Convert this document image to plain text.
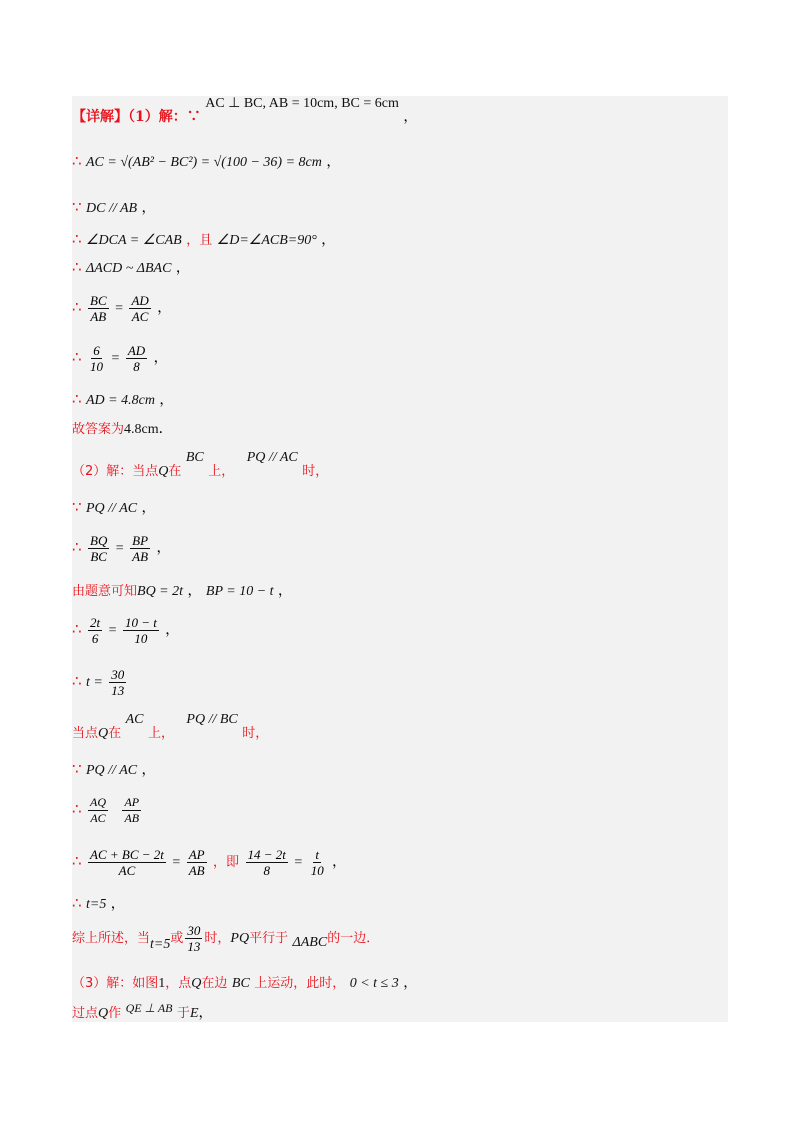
【详解】（1）解：∵ AC ⊥ BC, AB = 10cm, BC = 6cm ，
∴ AC = √(AB² − BC²) = √(100 − 36) = 8cm ，
∵ DC // AB ，
∴ ∠DCA = ∠CAB ，且 ∠D=∠ACB=90° ，
∴ ΔACD ~ ΔBAC ，
∴ $\frac{BC}{AB} = \frac{AD}{AC}$ ，
∴ $\frac{6}{10} = \frac{AD}{8}$ ，
∴ AD = 4.8cm ，
故答案为4.8cm．
（2）解：当点Q在 BC 上， PQ // AC 时，
∵ PQ // AC ，
∴ $\frac{BQ}{BC} = \frac{BP}{AB}$ ，
由题意可知BQ = 2t ， BP = 10 − t ，
∴ $\frac{2t}{6} = \frac{10 - t}{10}$ ，
∴ $t = \frac{30}{13}$
当点Q在 AC 上， PQ // BC 时，
∵ PQ // AC ，
∴ $\frac{AQ}{AC}$
$\frac{AP}{AB}$
∴ $\frac{AC + BC - 2t}{AC} = \frac{AP}{AB}$ ，即 $\frac{14 - 2t}{8} = \frac{t}{10}$ ，
∴ t=5 ，
综上所述，当t=5或 $\frac{30}{13}$ 时，PQ平行于 ΔABC的一边．
（3）解：如图1，点Q在边 BC 上运动，此时， 0 < t ≤ 3 ，
过点Q作 QE ⊥ AB 于E，
